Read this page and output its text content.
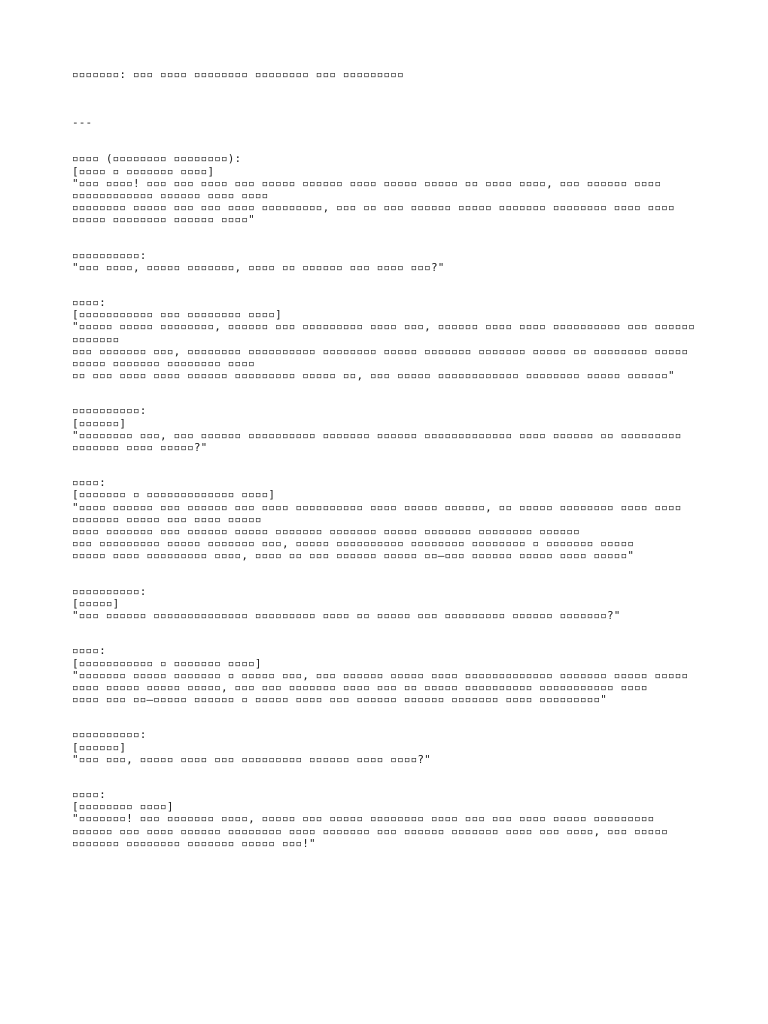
▫▫▫▫▫▫▫: ▫▫▫ ▫▫▫▫ ▫▫▫▫▫▫▫▫ ▫▫▫▫▫▫▫▫ ▫▫▫ ▫▫▫▫▫▫▫▫▫
---
▫▫▫▫ (▫▫▫▫▫▫▫▫ ▫▫▫▫▫▫▫▫):
[▫▫▫▫ ▫ ▫▫▫▫▫▫▫ ▫▫▫▫]
"▫▫▫ ▫▫▫▫! ▫▫▫ ▫▫▫ ▫▫▫▫ ▫▫▫ ▫▫▫▫▫ ▫▫▫▫▫▫ ▫▫▫▫ ▫▫▫▫▫ ▫▫▫▫▫ ▫▫ ▫▫▫▫ ▫▫▫▫, ▫▫▫ ▫▫▫▫▫▫ ▫▫▫▫ ▫▫▫▫▫▫▫▫▫▫▫▫ ▫▫▫▫▫▫ ▫▫▫▫ ▫▫▫▫
▫▫▫▫▫▫▫▫ ▫▫▫▫▫ ▫▫▫ ▫▫▫ ▫▫▫▫ ▫▫▫▫▫▫▫▫▫, ▫▫▫ ▫▫ ▫▫▫ ▫▫▫▫▫▫ ▫▫▫▫▫ ▫▫▫▫▫▫▫ ▫▫▫▫▫▫▫▫ ▫▫▫▫ ▫▫▫▫ ▫▫▫▫▫ ▫▫▫▫▫▫▫▫ ▫▫▫▫▫▫ ▫▫▫▫"
▫▫▫▫▫▫▫▫▫▫:
"▫▫▫ ▫▫▫▫, ▫▫▫▫▫ ▫▫▫▫▫▫▫, ▫▫▫▫ ▫▫ ▫▫▫▫▫▫ ▫▫▫ ▫▫▫▫ ▫▫▫?"
▫▫▫▫:
[▫▫▫▫▫▫▫▫▫▫▫ ▫▫▫ ▫▫▫▫▫▫▫▫ ▫▫▫▫]
"▫▫▫▫▫ ▫▫▫▫▫ ▫▫▫▫▫▫▫▫, ▫▫▫▫▫▫ ▫▫▫ ▫▫▫▫▫▫▫▫▫ ▫▫▫▫ ▫▫▫, ▫▫▫▫▫▫ ▫▫▫▫ ▫▫▫▫ ▫▫▫▫▫▫▫▫▫▫ ▫▫▫ ▫▫▫▫▫▫ ▫▫▫▫▫▫▫
▫▫▫ ▫▫▫▫▫▫▫ ▫▫▫, ▫▫▫▫▫▫▫▫ ▫▫▫▫▫▫▫▫▫▫ ▫▫▫▫▫▫▫▫ ▫▫▫▫▫ ▫▫▫▫▫▫▫ ▫▫▫▫▫▫▫ ▫▫▫▫▫ ▫▫ ▫▫▫▫▫▫▫▫ ▫▫▫▫▫ ▫▫▫▫▫ ▫▫▫▫▫▫▫ ▫▫▫▫▫▫▫▫ ▫▫▫▫
▫▫ ▫▫▫ ▫▫▫▫ ▫▫▫▫ ▫▫▫▫▫▫ ▫▫▫▫▫▫▫▫▫ ▫▫▫▫▫ ▫▫, ▫▫▫ ▫▫▫▫▫ ▫▫▫▫▫▫▫▫▫▫▫▫ ▫▫▫▫▫▫▫▫ ▫▫▫▫▫ ▫▫▫▫▫▫"
▫▫▫▫▫▫▫▫▫▫:
[▫▫▫▫▫▫]
"▫▫▫▫▫▫▫▫ ▫▫▫, ▫▫▫ ▫▫▫▫▫▫ ▫▫▫▫▫▫▫▫▫▫ ▫▫▫▫▫▫▫ ▫▫▫▫▫▫ ▫▫▫▫▫▫▫▫▫▫▫▫▫ ▫▫▫▫ ▫▫▫▫▫▫ ▫▫ ▫▫▫▫▫▫▫▫▫ ▫▫▫▫▫▫▫ ▫▫▫▫ ▫▫▫▫▫?"
▫▫▫▫:
[▫▫▫▫▫▫▫ ▫ ▫▫▫▫▫▫▫▫▫▫▫▫▫ ▫▫▫▫]
"▫▫▫▫ ▫▫▫▫▫▫ ▫▫▫ ▫▫▫▫▫▫ ▫▫▫ ▫▫▫▫ ▫▫▫▫▫▫▫▫▫▫ ▫▫▫▫ ▫▫▫▫▫ ▫▫▫▫▫▫, ▫▫ ▫▫▫▫▫ ▫▫▫▫▫▫▫▫ ▫▫▫▫ ▫▫▫▫ ▫▫▫▫▫▫▫ ▫▫▫▫▫ ▫▫▫ ▫▫▫▫ ▫▫▫▫▫
▫▫▫▫ ▫▫▫▫▫▫▫ ▫▫▫ ▫▫▫▫▫▫ ▫▫▫▫▫ ▫▫▫▫▫▫▫ ▫▫▫▫▫▫▫ ▫▫▫▫▫ ▫▫▫▫▫▫▫ ▫▫▫▫▫▫▫▫ ▫▫▫▫▫▫
▫▫▫ ▫▫▫▫▫▫▫▫▫ ▫▫▫▫▫ ▫▫▫▫▫▫▫ ▫▫▫, ▫▫▫▫▫ ▫▫▫▫▫▫▫▫▫▫ ▫▫▫▫▫▫▫▫ ▫▫▫▫▫▫▫▫ ▫ ▫▫▫▫▫▫▫ ▫▫▫▫▫
▫▫▫▫▫ ▫▫▫▫ ▫▫▫▫▫▫▫▫▫ ▫▫▫▫, ▫▫▫▫ ▫▫ ▫▫▫ ▫▫▫▫▫▫ ▫▫▫▫▫ ▫▫—▫▫▫ ▫▫▫▫▫▫ ▫▫▫▫▫ ▫▫▫▫ ▫▫▫▫▫"
▫▫▫▫▫▫▫▫▫▫:
[▫▫▫▫▫]
"▫▫▫ ▫▫▫▫▫▫ ▫▫▫▫▫▫▫▫▫▫▫▫▫▫ ▫▫▫▫▫▫▫▫▫ ▫▫▫▫ ▫▫ ▫▫▫▫▫ ▫▫▫ ▫▫▫▫▫▫▫▫▫ ▫▫▫▫▫▫ ▫▫▫▫▫▫▫?"
▫▫▫▫:
[▫▫▫▫▫▫▫▫▫▫▫ ▫ ▫▫▫▫▫▫▫ ▫▫▫▫]
"▫▫▫▫▫▫▫ ▫▫▫▫▫ ▫▫▫▫▫▫▫ ▫ ▫▫▫▫▫ ▫▫▫, ▫▫▫ ▫▫▫▫▫▫ ▫▫▫▫▫ ▫▫▫▫ ▫▫▫▫▫▫▫▫▫▫▫▫▫ ▫▫▫▫▫▫▫ ▫▫▫▫▫ ▫▫▫▫▫ ▫▫▫▫ ▫▫▫▫▫ ▫▫▫▫▫ ▫▫▫▫▫, ▫▫▫ ▫▫▫ ▫▫▫▫▫▫▫ ▫▫▫▫ ▫▫▫ ▫▫ ▫▫▫▫▫ ▫▫▫▫▫▫▫▫▫▫ ▫▫▫▫▫▫▫▫▫▫▫ ▫▫▫▫
▫▫▫▫ ▫▫▫ ▫▫—▫▫▫▫▫ ▫▫▫▫▫▫ ▫ ▫▫▫▫▫ ▫▫▫▫ ▫▫▫ ▫▫▫▫▫▫ ▫▫▫▫▫▫ ▫▫▫▫▫▫▫ ▫▫▫▫ ▫▫▫▫▫▫▫▫▫"
▫▫▫▫▫▫▫▫▫▫:
[▫▫▫▫▫▫]
"▫▫▫ ▫▫▫, ▫▫▫▫▫ ▫▫▫▫ ▫▫▫ ▫▫▫▫▫▫▫▫▫ ▫▫▫▫▫▫ ▫▫▫▫ ▫▫▫▫?"
▫▫▫▫:
[▫▫▫▫▫▫▫▫ ▫▫▫▫]
"▫▫▫▫▫▫▫! ▫▫▫ ▫▫▫▫▫▫▫ ▫▫▫▫, ▫▫▫▫▫ ▫▫▫ ▫▫▫▫▫ ▫▫▫▫▫▫▫▫ ▫▫▫▫ ▫▫▫ ▫▫▫ ▫▫▫▫ ▫▫▫▫▫ ▫▫▫▫▫▫▫▫▫
▫▫▫▫▫▫ ▫▫▫ ▫▫▫▫ ▫▫▫▫▫▫ ▫▫▫▫▫▫▫▫ ▫▫▫▫ ▫▫▫▫▫▫▫ ▫▫▫ ▫▫▫▫▫▫ ▫▫▫▫▫▫▫ ▫▫▫▫ ▫▫▫ ▫▫▫▫, ▫▫▫ ▫▫▫▫▫ ▫▫▫▫▫▫▫ ▫▫▫▫▫▫▫▫ ▫▫▫▫▫▫▫ ▫▫▫▫▫ ▫▫▫!"
